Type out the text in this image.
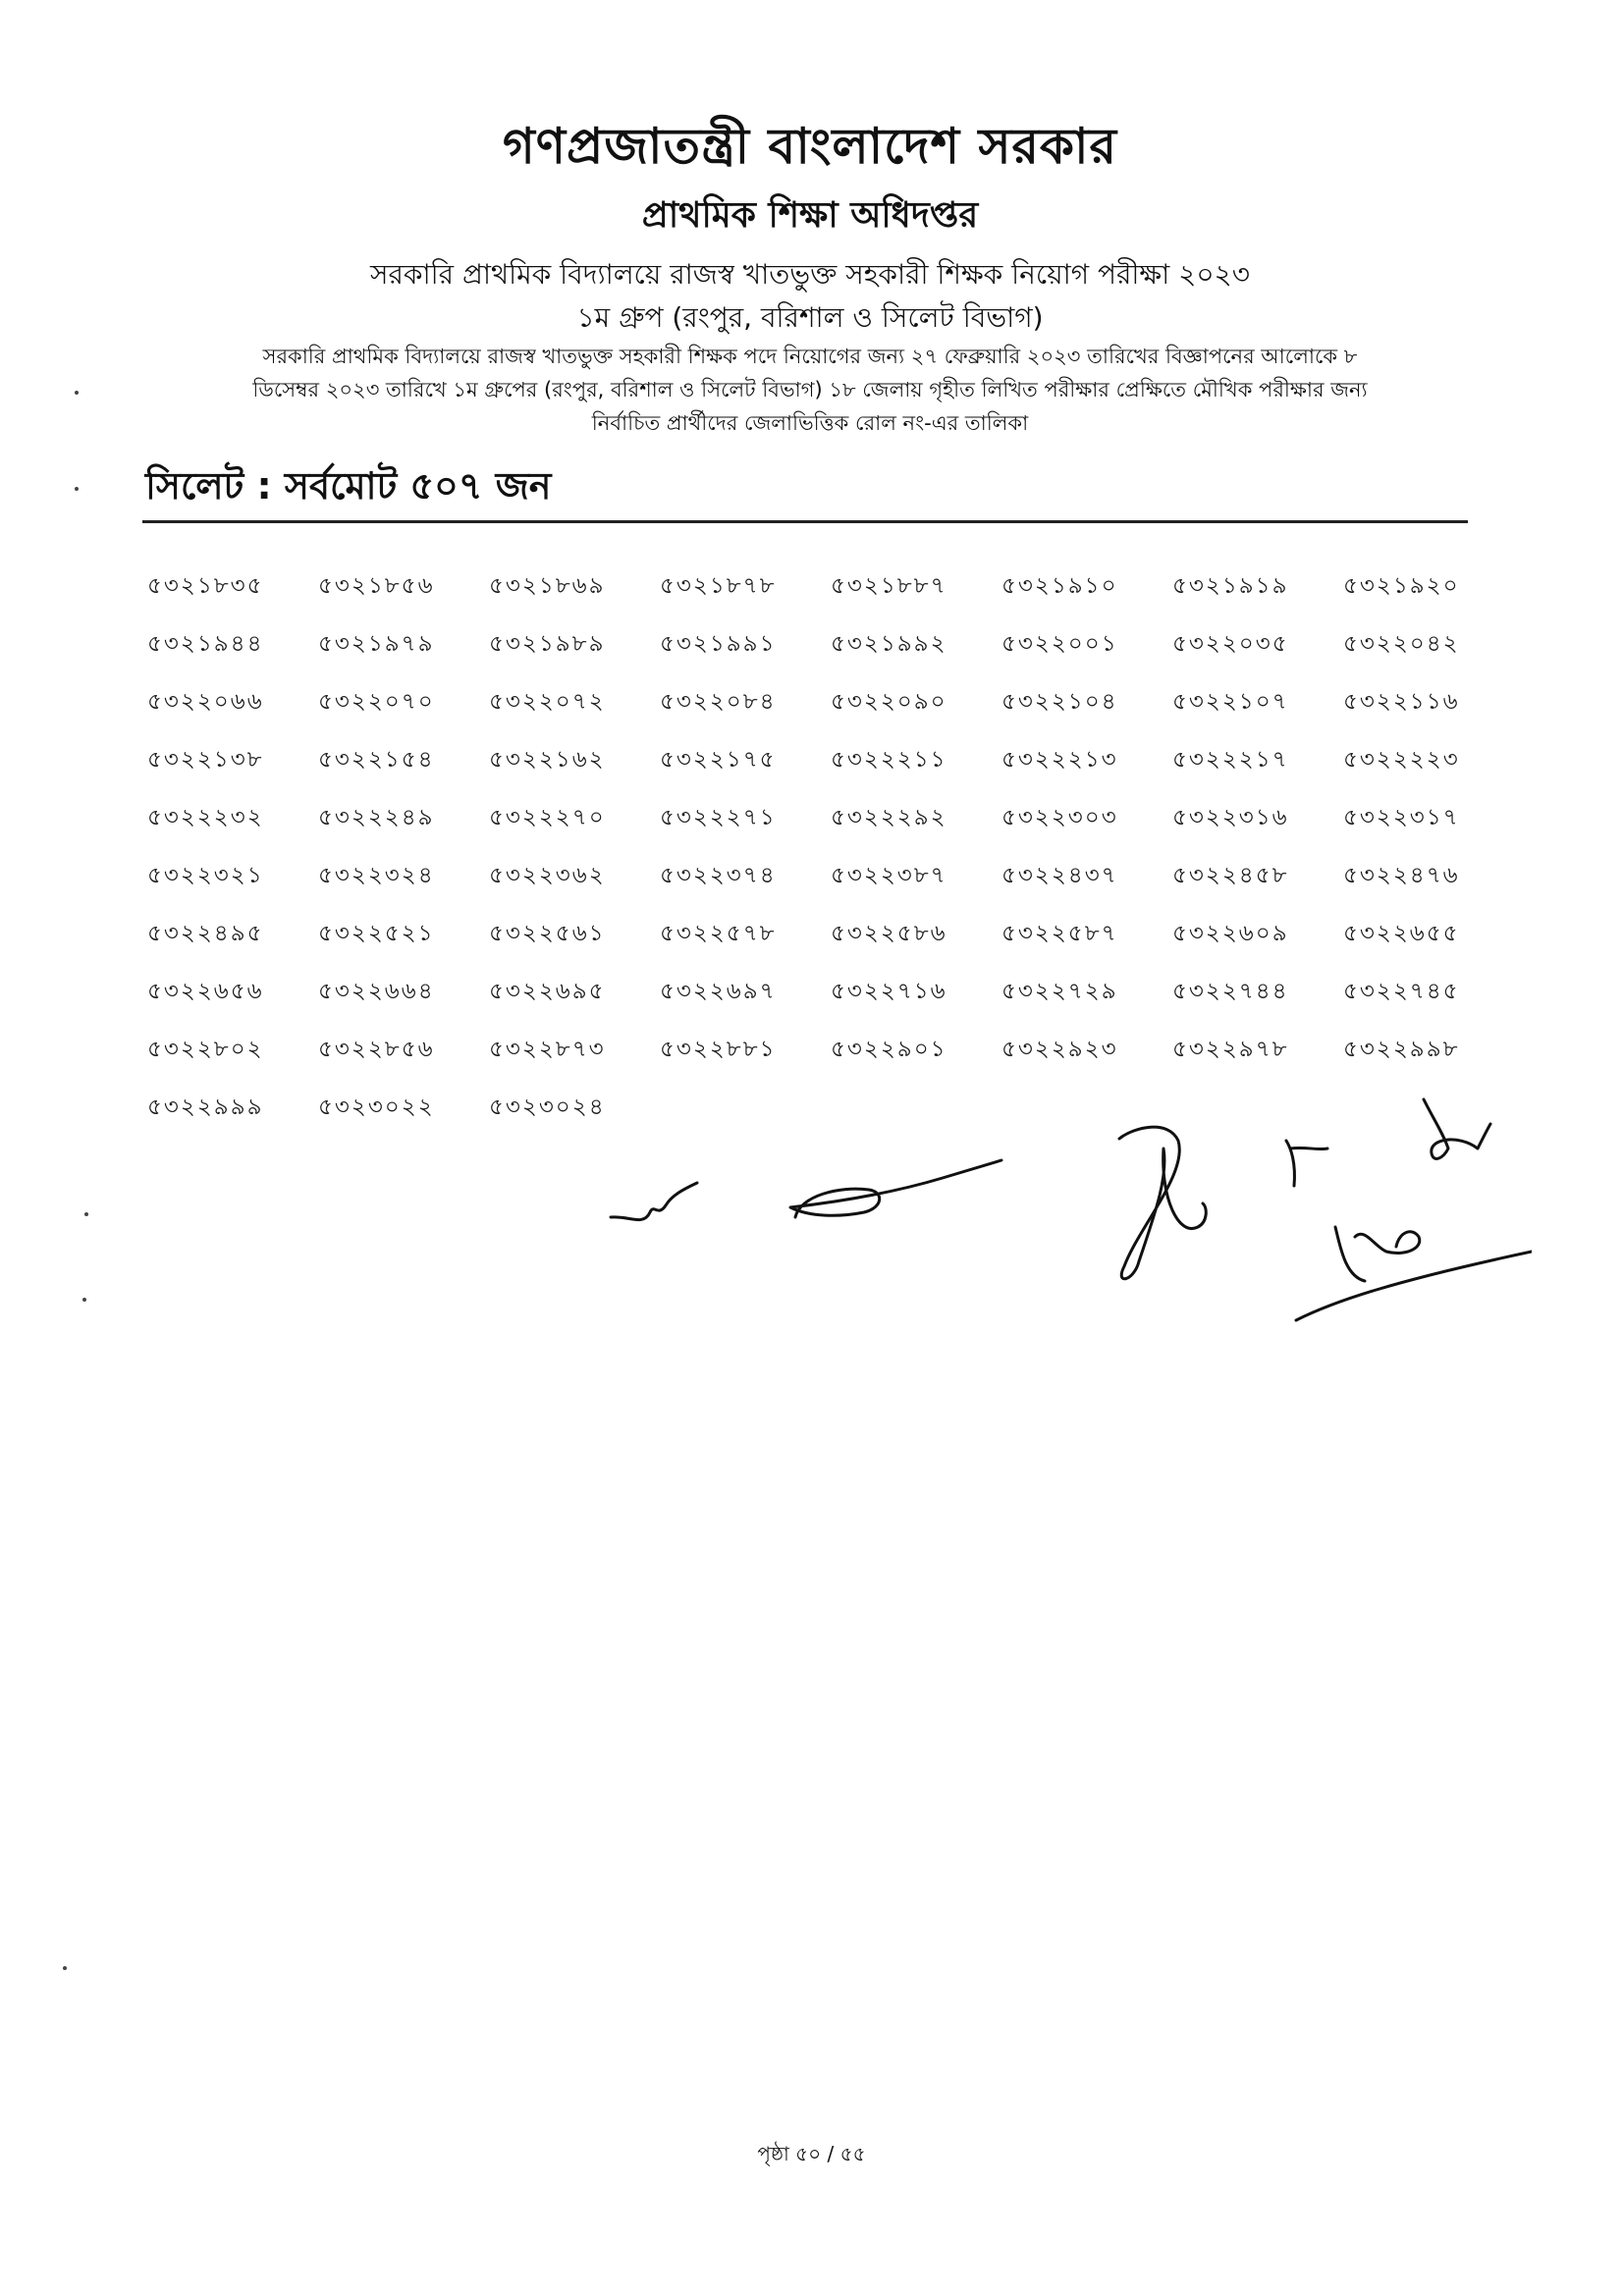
গণপ্রজাতন্ত্রী বাংলাদেশ সরকার
প্রাথমিক শিক্ষা অধিদপ্তর
সরকারি প্রাথমিক বিদ্যালয়ে রাজস্ব খাতভুক্ত সহকারী শিক্ষক নিয়োগ পরীক্ষা ২০২৩
১ম গ্রুপ (রংপুর, বরিশাল ও সিলেট বিভাগ)
সরকারি প্রাথমিক বিদ্যালয়ে রাজস্ব খাতভুক্ত সহকারী শিক্ষক পদে নিয়োগের জন্য ২৭ ফেব্রুয়ারি ২০২৩ তারিখের বিজ্ঞাপনের আলোকে ৮
ডিসেম্বর ২০২৩ তারিখে ১ম গ্রুপের (রংপুর, বরিশাল ও সিলেট বিভাগ) ১৮ জেলায় গৃহীত লিখিত পরীক্ষার প্রেক্ষিতে মৌখিক পরীক্ষার জন্য
নির্বাচিত প্রার্থীদের জেলাভিত্তিক রোল নং-এর তালিকা
সিলেট : সর্বমোট ৫০৭ জন
৫৩২১৮৩৫	৫৩২১৮৫৬	৫৩২১৮৬৯	৫৩২১৮৭৮	৫৩২১৮৮৭	৫৩২১৯১০	৫৩২১৯১৯	৫৩২১৯২০
৫৩২১৯৪৪	৫৩২১৯৭৯	৫৩২১৯৮৯	৫৩২১৯৯১	৫৩২১৯৯২	৫৩২২০০১	৫৩২২০৩৫	৫৩২২০৪২
৫৩২২০৬৬	৫৩২২০৭০	৫৩২২০৭২	৫৩২২০৮৪	৫৩২২০৯০	৫৩২২১০৪	৫৩২২১০৭	৫৩২২১১৬
৫৩২২১৩৮	৫৩২২১৫৪	৫৩২২১৬২	৫৩২২১৭৫	৫৩২২২১১	৫৩২২২১৩	৫৩২২২১৭	৫৩২২২২৩
৫৩২২২৩২	৫৩২২২৪৯	৫৩২২২৭০	৫৩২২২৭১	৫৩২২২৯২	৫৩২২৩০৩	৫৩২২৩১৬	৫৩২২৩১৭
৫৩২২৩২১	৫৩২২৩২৪	৫৩২২৩৬২	৫৩২২৩৭৪	৫৩২২৩৮৭	৫৩২২৪৩৭	৫৩২২৪৫৮	৫৩২২৪৭৬
৫৩২২৪৯৫	৫৩২২৫২১	৫৩২২৫৬১	৫৩২২৫৭৮	৫৩২২৫৮৬	৫৩২২৫৮৭	৫৩২২৬০৯	৫৩২২৬৫৫
৫৩২২৬৫৬	৫৩২২৬৬৪	৫৩২২৬৯৫	৫৩২২৬৯৭	৫৩২২৭১৬	৫৩২২৭২৯	৫৩২২৭৪৪	৫৩২২৭৪৫
৫৩২২৮০২	৫৩২২৮৫৬	৫৩২২৮৭৩	৫৩২২৮৮১	৫৩২২৯০১	৫৩২২৯২৩	৫৩২২৯৭৮	৫৩২২৯৯৮
৫৩২২৯৯৯	৫৩২৩০২২	৫৩২৩০২৪
পৃষ্ঠা ৫০ / ৫৫
